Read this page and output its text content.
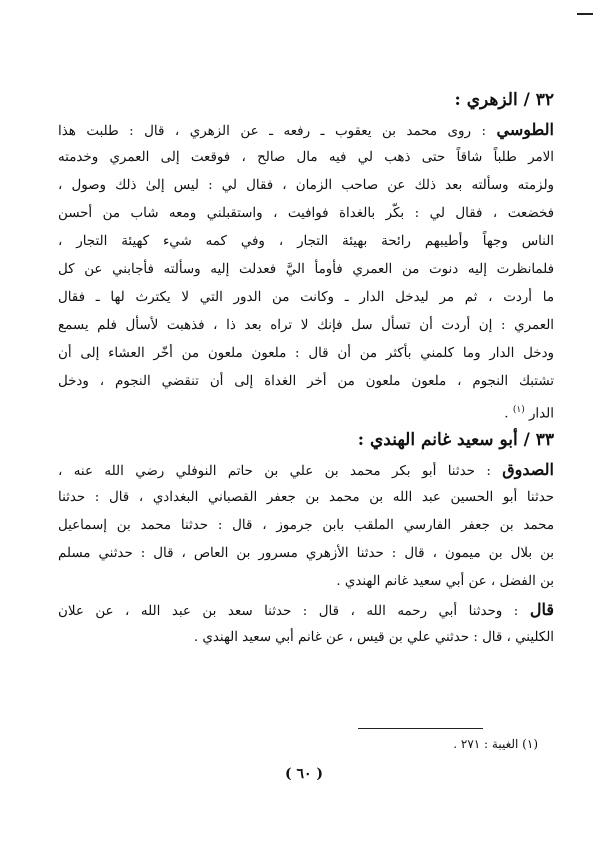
٣٢ / الزهري :
الطوسي : روى محمد بن يعقوب ـ رفعه ـ عن الزهري ، قال : طلبت هذا
الامر طلباً شاقاً حتى ذهب لي فيه مال صالح ، فوقعت إلى العمري وخدمته
ولزمته وسألته بعد ذلك عن صاحب الزمان ، فقال لي : ليس إلىٰ ذلك وصول ،
فخضعت ، فقال لي : بكّر بالغداة فوافيت ، واستقبلني ومعه شاب من أحسن
الناس وجهاً وأطيبهم رائحة بهيئة التجار ، وفي كمه شيء كهيئة التجار ،
فلمانظرت إليه دنوت من العمري فأومأ اليَّ فعدلت إليه وسألته فأجابني عن كل
ما أردت ، ثم مر ليدخل الدار ـ وكانت من الدور التي لا يكترث لها ـ فقال
العمري : إن أردت أن تسأل سل فإنك لا تراه بعد ذا ، فذهبت لأسأل فلم يسمع
ودخل الدار وما كلمني بأكثر من أن قال : ملعون ملعون من أخّر العشاء إلى أن
تشتبك النجوم ، ملعون ملعون من أخر الغداة إلى أن تنقضي النجوم ، ودخل
الدار $^{(١)}$ .
٣٣ / أبو سعيد غانم الهندي :
الصدوق : حدثنا أبو بكر محمد بن علي بن حاتم النوفلي رضي الله عنه ،
حدثنا أبو الحسين عبد الله بن محمد بن جعفر القصباني البغدادي ، قال : حدثنا
محمد بن جعفر الفارسي الملقب بابن جرموز ، قال : حدثنا محمد بن إسماعيل
بن بلال بن ميمون ، قال : حدثنا الأزهري مسرور بن العاص ، قال : حدثني مسلم
بن الفضل ، عن أبي سعيد غانم الهندي .
قال : وحدثنا أبي رحمه الله ، قال : حدثنا سعد بن عبد الله ، عن علان
الكليني ، قال : حدثني علي بن قيس ، عن غانم أبي سعيد الهندي .
(١) الغيبة : ٢٧١ .
( ٦٠ )
